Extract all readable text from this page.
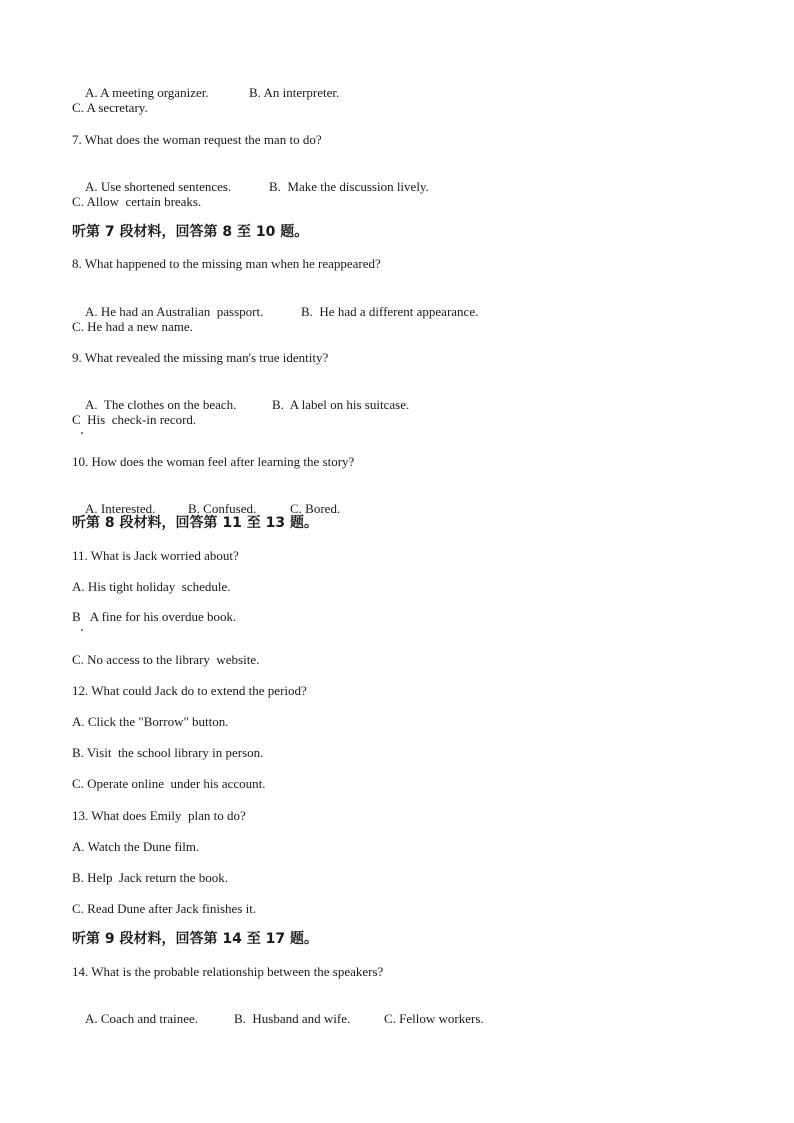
A. A meeting organizer.	B. An interpreter.

C. A secretary.
7. What does the woman request the man to do?

A. Use shortened sentences.	B.  Make the discussion lively.

C. Allow  certain breaks.
听第 7 段材料，回答第 8 至 10 题。
8. What happened to the missing man when he reappeared?

A. He had an Australian  passport.	B.  He had a different appearance.

C. He had a new name.
9. What revealed the missing man's true identity?

A.  The clothes on the beach.	B.  A label on his suitcase.

C  His  check-in record.
10. How does the woman feel after learning the story?

A. Interested.	B. Confused.	C. Bored.

听第 8 段材料，回答第 11 至 13 题。
11. What is Jack worried about?
A. His tight holiday  schedule.
B   A fine for his overdue book.
C. No access to the library  website.
12. What could Jack do to extend the period?
A. Click the "Borrow" button.
B. Visit  the school library in person.
C. Operate online  under his account.
13. What does Emily  plan to do?
A. Watch the Dune film.
B. Help  Jack return the book.
C. Read Dune after Jack finishes it.
听第 9 段材料，回答第 14 至 17 题。
14. What is the probable relationship between the speakers?

A. Coach and trainee.	B.  Husband and wife.	C. Fellow workers.
